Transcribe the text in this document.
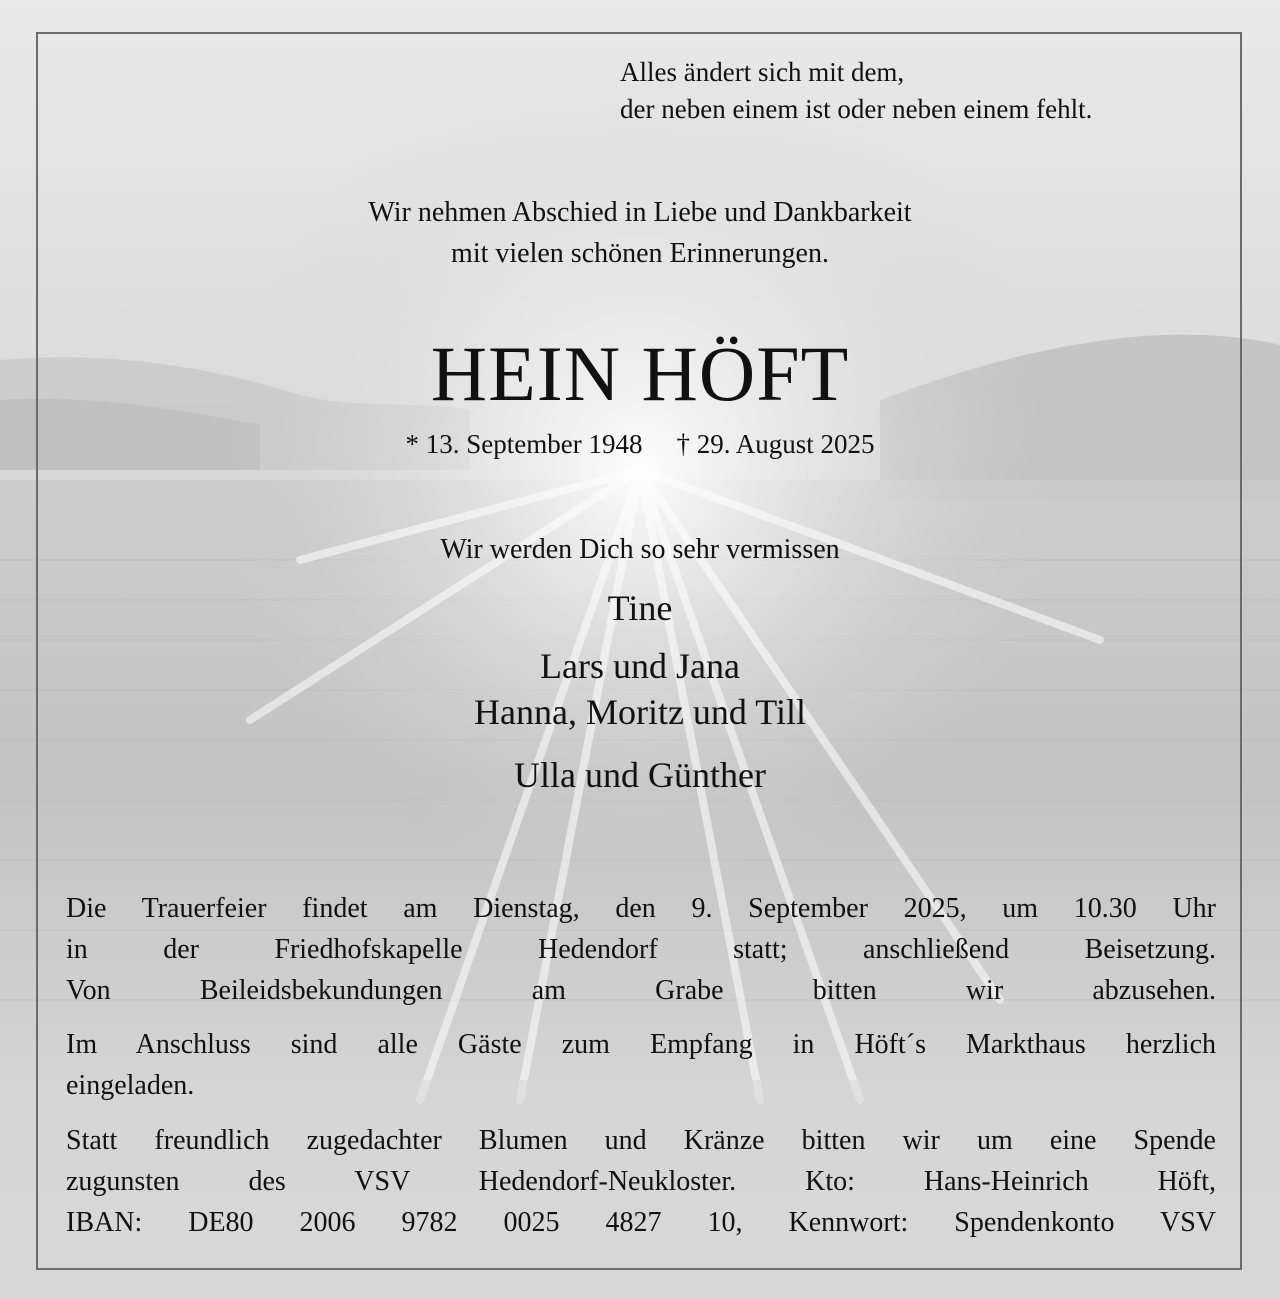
Alles ändert sich mit dem,
der neben einem ist oder neben einem fehlt.
Wir nehmen Abschied in Liebe und Dankbarkeit
mit vielen schönen Erinnerungen.
HEIN HÖFT
* 13. September 1948 † 29. August 2025
Wir werden Dich so sehr vermissen
Tine
Lars und Jana
Hanna, Moritz und Till
Ulla und Günther
Die Trauerfeier findet am Dienstag, den 9. September 2025, um 10.30 Uhr
in der Friedhofskapelle Hedendorf statt; anschließend Beisetzung.
Von Beileidsbekundungen am Grabe bitten wir abzusehen.
Im Anschluss sind alle Gäste zum Empfang in Höft´s Markthaus herzlich
eingeladen.
Statt freundlich zugedachter Blumen und Kränze bitten wir um eine Spende
zugunsten des VSV Hedendorf-Neukloster. Kto: Hans-Heinrich Höft,
IBAN: DE80 2006 9782 0025 4827 10, Kennwort: Spendenkonto VSV
